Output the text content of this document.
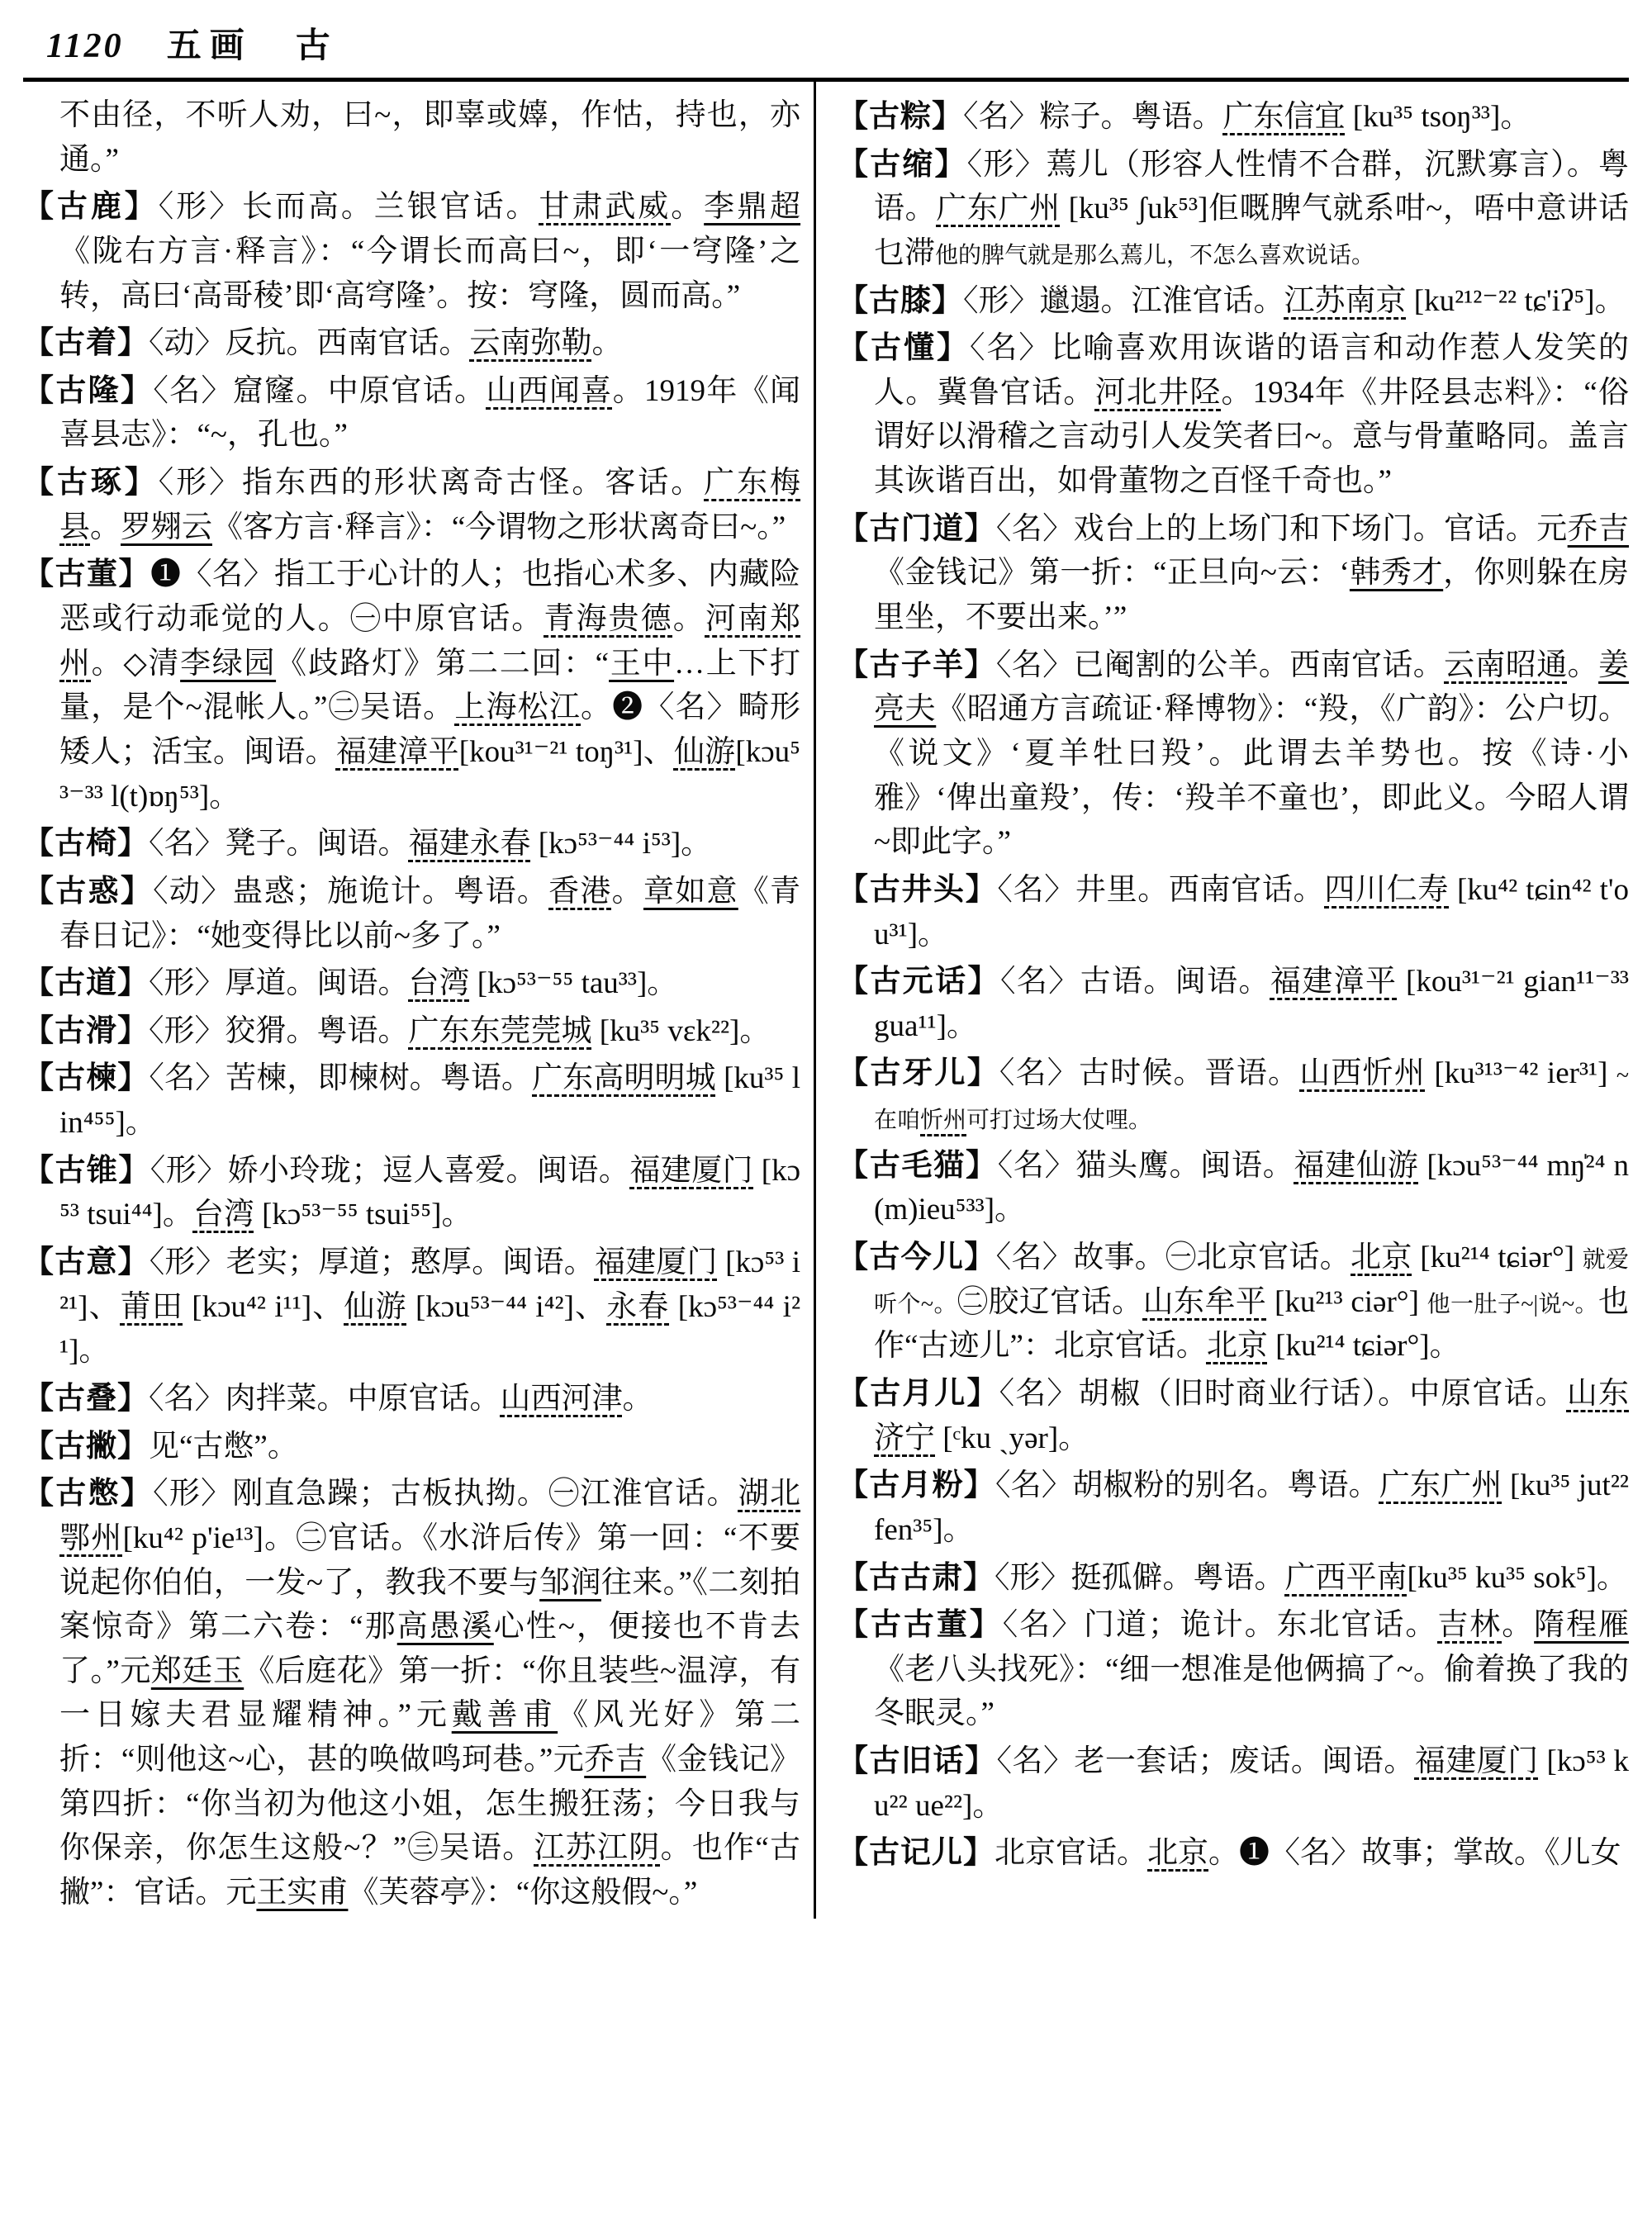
1120 五画　古
不由径，不听人劝，曰~，即辜或嫴，作怙，持也，亦通。”
【古鹿】〈形〉长而高。兰银官话。甘肃武威。李鼎超《陇右方言·释言》：“今谓长而高曰~，即‘一穹隆’之转，高曰‘高哥稜’即‘高穹隆’。按：穹隆，圆而高。”
【古着】〈动〉反抗。西南官话。云南弥勒。
【古隆】〈名〉窟窿。中原官话。山西闻喜。1919年《闻喜县志》：“~，孔也。”
【古琢】〈形〉指东西的形状离奇古怪。客话。广东梅县。罗翙云《客方言·释言》：“今谓物之形状离奇曰~。”
【古董】❶〈名〉指工于心计的人；也指心术多、内藏险恶或行动乖觉的人。㊀中原官话。青海贵德。河南郑州。◇清李绿园《歧路灯》第二二回：“王中…上下打量，是个~混帐人。”㊁吴语。上海松江。❷〈名〉畸形矮人；活宝。闽语。福建漳平[kou³¹⁻²¹ toŋ³¹]、仙游[kɔu⁵³⁻³³ l(t)ɒŋ⁵³]。
【古椅】〈名〉凳子。闽语。福建永春 [kɔ⁵³⁻⁴⁴ i⁵³]。
【古惑】〈动〉蛊惑；施诡计。粤语。香港。章如意《青春日记》：“她变得比以前~多了。”
【古道】〈形〉厚道。闽语。台湾 [kɔ⁵³⁻⁵⁵ tau³³]。
【古滑】〈形〉狡猾。粤语。广东东莞莞城 [ku³⁵ vɛk²²]。
【古楝】〈名〉苦楝，即楝树。粤语。广东高明明城 [ku³⁵ lin⁴⁵⁵]。
【古锥】〈形〉娇小玲珑；逗人喜爱。闽语。福建厦门 [kɔ⁵³ tsui⁴⁴]。台湾 [kɔ⁵³⁻⁵⁵ tsui⁵⁵]。
【古意】〈形〉老实；厚道；憨厚。闽语。福建厦门 [kɔ⁵³ i²¹]、莆田 [kɔu⁴² i¹¹]、仙游 [kɔu⁵³⁻⁴⁴ i⁴²]、永春 [kɔ⁵³⁻⁴⁴ i²¹]。
【古叠】〈名〉肉拌菜。中原官话。山西河津。
【古撇】见“古憋”。
【古憋】〈形〉刚直急躁；古板执拗。㊀江淮官话。湖北鄂州[ku⁴² p'ie¹³]。㊁官话。《水浒后传》第一回：“不要说起你伯伯，一发~了，教我不要与邹润往来。”《二刻拍案惊奇》第二六卷：“那高愚溪心性~，便接也不肯去了。”元郑廷玉《后庭花》第一折：“你且装些~温淳，有一日嫁夫君显耀精神。”元戴善甫《风光好》第二折：“则他这~心，甚的唤做鸣珂巷。”元乔吉《金钱记》第四折：“你当初为他这小姐，怎生搬狂荡；今日我与你保亲，你怎生这般~？”㊂吴语。江苏江阴。也作“古撇”：官话。元王实甫《芙蓉亭》：“你这般假~。”
【古粽】〈名〉粽子。粤语。广东信宜 [ku³⁵ tsoŋ³³]。
【古缩】〈形〉蔫儿（形容人性情不合群，沉默寡言）。粤语。广东广州 [ku³⁵ ʃuk⁵³]佢嘅脾气就系咁~，唔中意讲话乜滞他的脾气就是那么蔫儿，不怎么喜欢说话。
【古膝】〈形〉邋遢。江淮官话。江苏南京 [ku²¹²⁻²² tɕ'iʔ⁵]。
【古懂】〈名〉比喻喜欢用诙谐的语言和动作惹人发笑的人。冀鲁官话。河北井陉。1934年《井陉县志料》：“俗谓好以滑稽之言动引人发笑者曰~。意与骨董略同。盖言其诙谐百出，如骨董物之百怪千奇也。”
【古门道】〈名〉戏台上的上场门和下场门。官话。元乔吉《金钱记》第一折：“正旦向~云：‘韩秀才，你则躲在房里坐，不要出来。’”
【古子羊】〈名〉已阉割的公羊。西南官话。云南昭通。姜亮夫《昭通方言疏证·释博物》：“羖，《广韵》：公户切。《说文》‘夏羊牡曰羖’。此谓去羊势也。按《诗·小雅》‘俾出童羖’，传：‘羖羊不童也’，即此义。今昭人谓~即此字。”
【古井头】〈名〉井里。西南官话。四川仁寿 [ku⁴² tɕin⁴² t'ou³¹]。
【古元话】〈名〉古语。闽语。福建漳平 [kou³¹⁻²¹ gian¹¹⁻³³ gua¹¹]。
【古牙儿】〈名〉古时候。晋语。山西忻州 [ku³¹³⁻⁴² ier³¹] ~在咱忻州可打过场大仗哩。
【古毛猫】〈名〉猫头鹰。闽语。福建仙游 [kɔu⁵³⁻⁴⁴ mŋ̍²⁴ n(m)ieu⁵³³]。
【古今儿】〈名〉故事。㊀北京官话。北京 [ku²¹⁴ tɕiər°] 就爱听个~。㊁胶辽官话。山东牟平 [ku²¹³ ciər°] 他一肚子~|说~。也作“古迹儿”：北京官话。北京 [ku²¹⁴ tɕiər°]。
【古月儿】〈名〉胡椒（旧时商业行话）。中原官话。山东济宁 [ᶜku ˏyər]。
【古月粉】〈名〉胡椒粉的别名。粤语。广东广州 [ku³⁵ jut²² fen³⁵]。
【古古肃】〈形〉挺孤僻。粤语。广西平南[ku³⁵ ku³⁵ sok⁵]。
【古古董】〈名〉门道；诡计。东北官话。吉林。隋程雁《老八头找死》：“细一想准是他俩搞了~。偷着换了我的冬眠灵。”
【古旧话】〈名〉老一套话；废话。闽语。福建厦门 [kɔ⁵³ ku²² ue²²]。
【古记儿】北京官话。北京。❶〈名〉故事；掌故。《儿女
